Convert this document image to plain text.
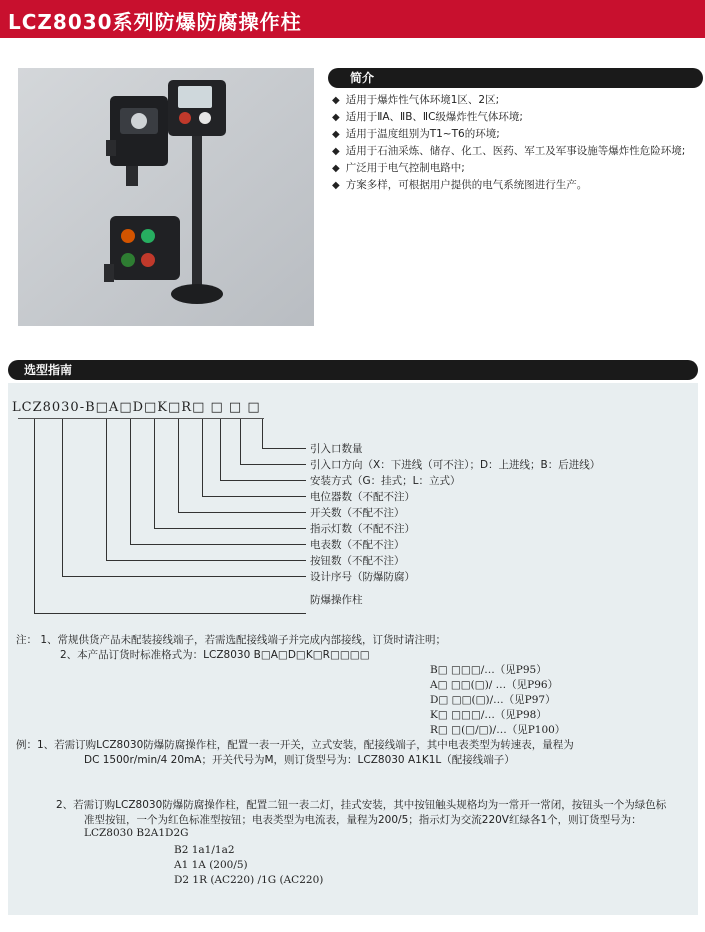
LCZ8030系列防爆防腐操作柱
简介
◆ 适用于爆炸性气体环境1区、2区;
◆ 适用于ⅡA、ⅡB、ⅡC级爆炸性气体环境;
◆ 适用于温度组别为T1~T6的环境;
◆ 适用于石油采炼、储存、化工、医药、军工及军事设施等爆炸性危险环境;
◆ 广泛用于电气控制电路中;
◆ 方案多样，可根据用户提供的电气系统图进行生产。
选型指南
LCZ8030-B□A□D□K□R□ □ □ □
引入口数量
引入口方向（X：下进线（可不注）；D：上进线；B：后进线）
安装方式（G：挂式；L：立式）
电位器数（不配不注）
开关数（不配不注）
指示灯数（不配不注）
电表数（不配不注）
按钮数（不配不注）
设计序号（防爆防腐）
防爆操作柱
注： 1、常规供货产品未配装接线端子，若需选配接线端子并完成内部接线，订货时请注明；
2、本产品订货时标准格式为：LCZ8030 B□A□D□K□R□□□□
B□ □□□/…（见P95）
A□ □□(□)/ …（见P96）
D□ □□(□)/…（见P97）
K□ □□□/…（见P98）
R□ □(□/□)/…（见P100）
例：1、若需订购LCZ8030防爆防腐操作柱，配置一表一开关，立式安装，配接线端子，其中电表类型为转速表，量程为
DC 1500r/min/4 20mA；开关代号为M，则订货型号为：LCZ8030 A1K1L（配接线端子）
2、若需订购LCZ8030防爆防腐操作柱，配置二钮一表二灯，挂式安装，其中按钮触头规格均为一常开一常闭，按钮头一个为绿色标
准型按钮，一个为红色标准型按钮；电表类型为电流表，量程为200/5；指示灯为交流220V红绿各1个，则订货型号为：
LCZ8030 B2A1D2G
B2 1a1/1a2
A1 1A (200/5)
D2 1R (AC220) /1G (AC220)
